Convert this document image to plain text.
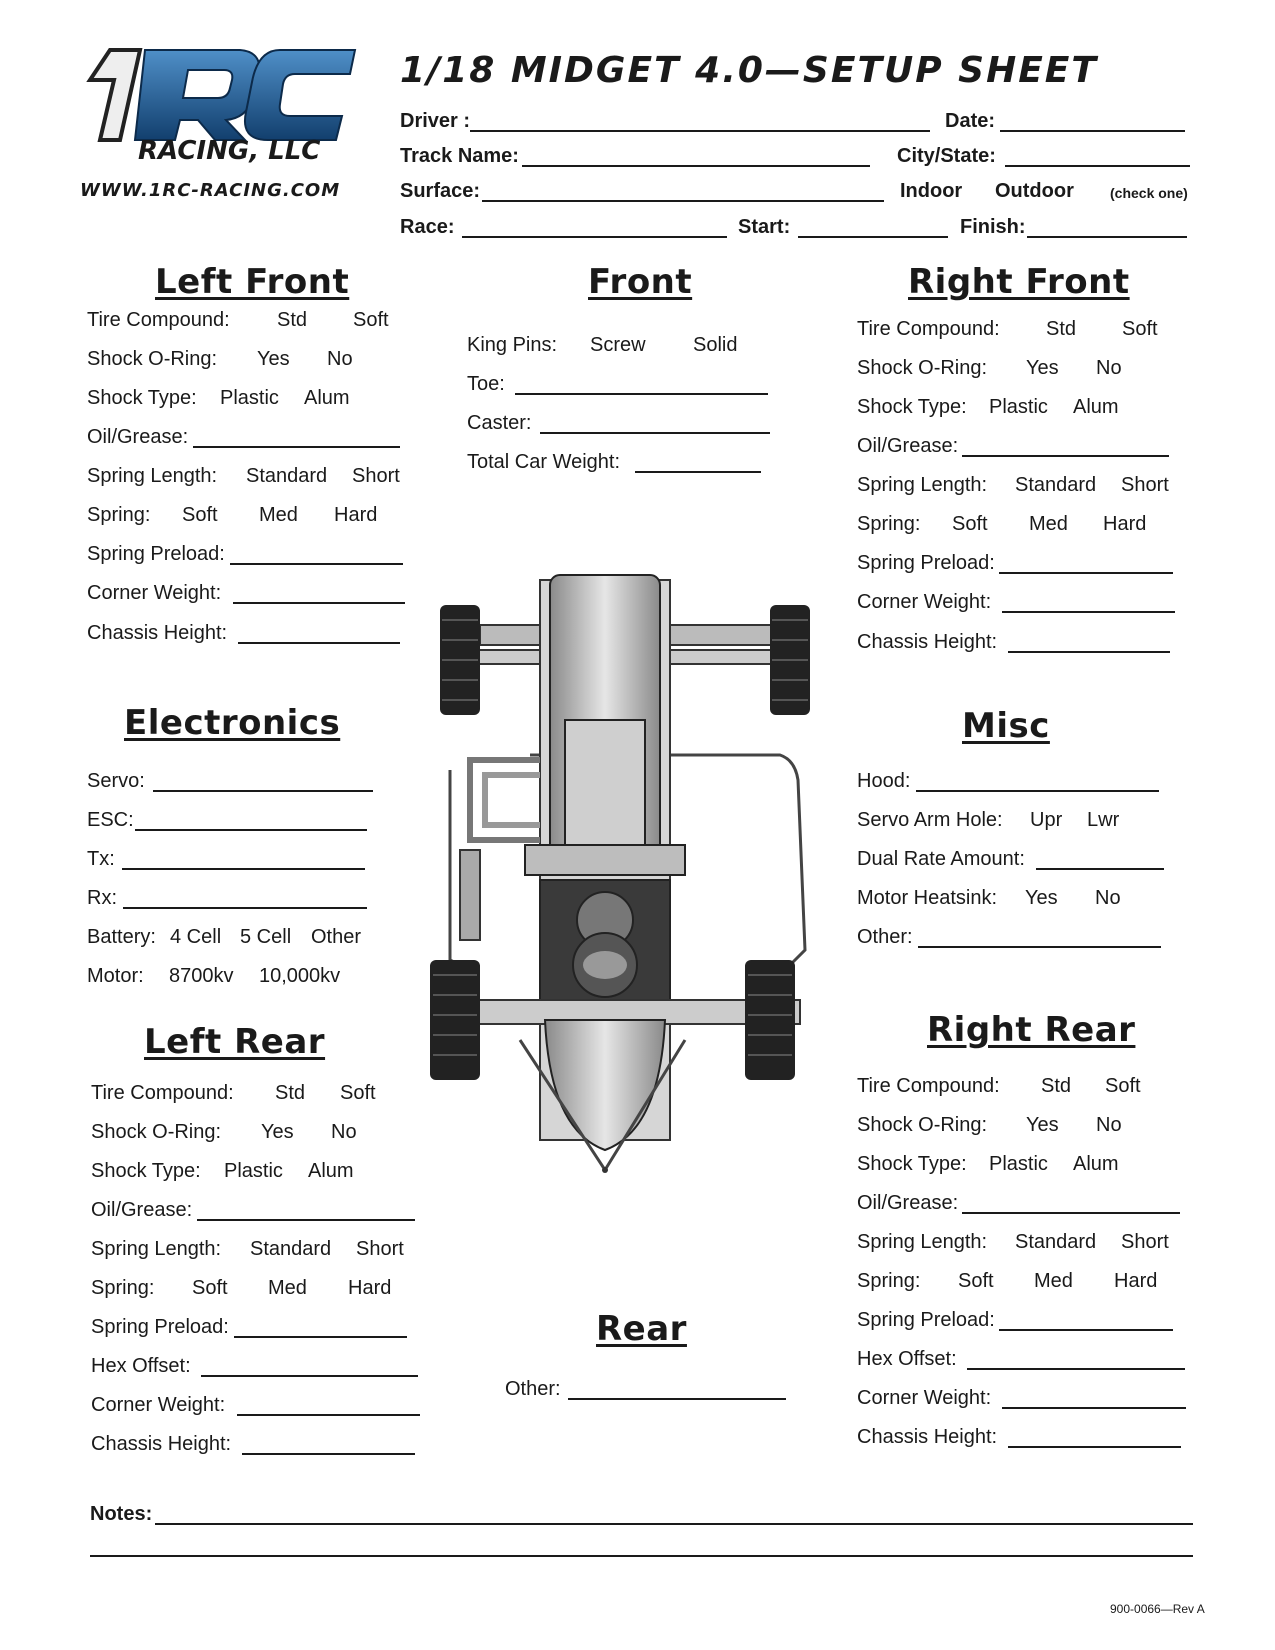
RACING, LLC
WWW.1RC-RACING.COM
1/18 MIDGET 4.0—SETUP SHEET
Driver :	Date:
Track Name:	City/State:
Surface:	Indoor Outdoor	(check one)
Race:	Start:	Finish:
Left Front
Tire Compound: Std Soft
Shock O-Ring: Yes No
Shock Type: Plastic Alum
Oil/Grease:
Spring Length: Standard Short
Spring: Soft Med Hard
Spring Preload:
Corner Weight:
Chassis Height:
Front
King Pins: Screw Solid
Toe:
Caster:
Total Car Weight:
Right Front
Tire Compound: Std Soft
Shock O-Ring: Yes No
Shock Type: Plastic Alum
Oil/Grease:
Spring Length: Standard Short
Spring: Soft Med Hard
Spring Preload:
Corner Weight:
Chassis Height:
Electronics
Servo:
ESC:
Tx:
Rx:
Battery: 4 Cell 5 Cell Other
Motor: 8700kv 10,000kv
Misc
Hood:
Servo Arm Hole: Upr Lwr
Dual Rate Amount:
Motor Heatsink: Yes No
Other:
Left Rear
Tire Compound: Std Soft
Shock O-Ring: Yes No
Shock Type: Plastic Alum
Oil/Grease:
Spring Length: Standard Short
Spring: Soft Med Hard
Spring Preload:
Hex Offset:
Corner Weight:
Chassis Height:
Rear
Other:
Right Rear
Tire Compound: Std Soft
Shock O-Ring: Yes No
Shock Type: Plastic Alum
Oil/Grease:
Spring Length: Standard Short
Spring: Soft Med Hard
Spring Preload:
Hex Offset:
Corner Weight:
Chassis Height:
Notes:
900-0066—Rev A
